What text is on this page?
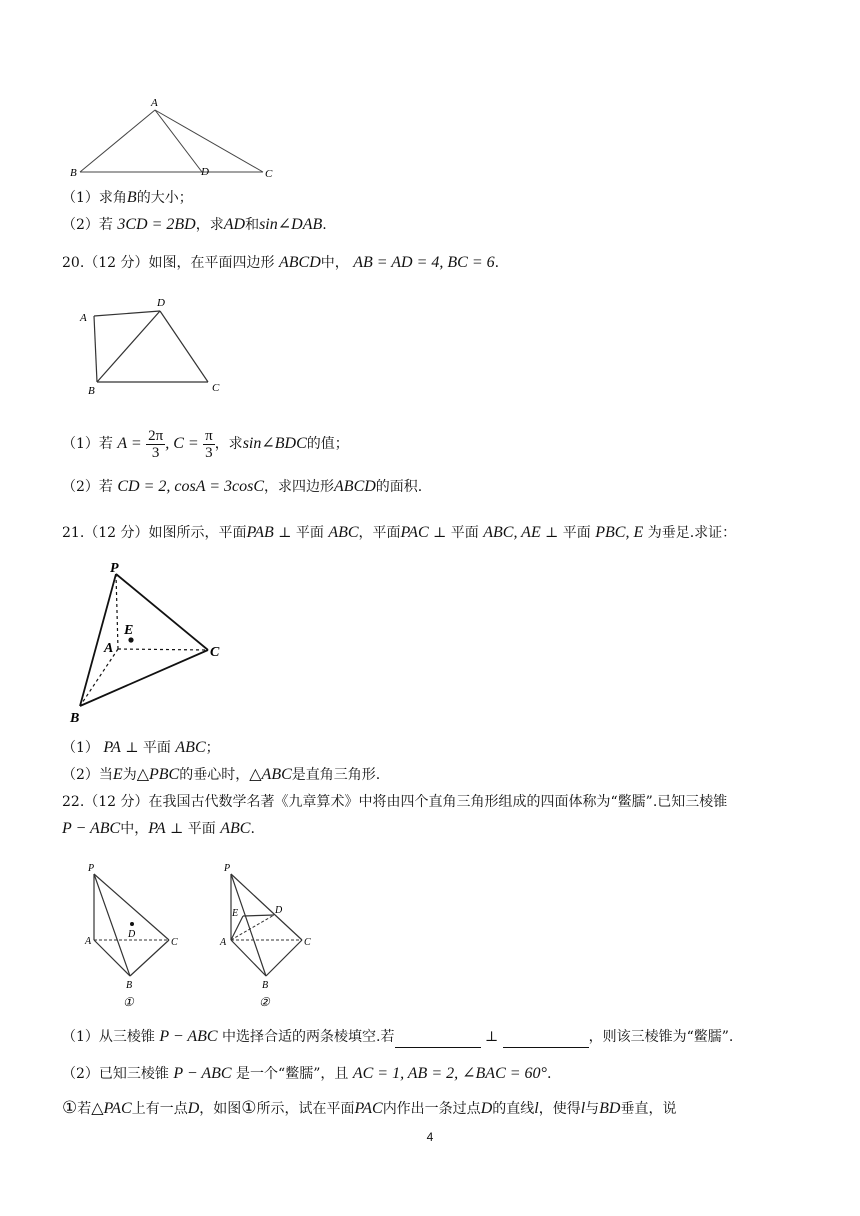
A
B	D	C
（1）求角B的大小；
（2）若 3CD = 2BD，求AD和sin∠DAB.
20.（12 分）如图，在平面四边形 ABCD中， AB = AD = 4, BC = 6.
A
D
B	C
（1）若 $A = \frac{2\pi}{3}$ , $C = \frac{\pi}{3}$ ，求sin∠BDC的值；
（2）若 CD = 2, cosA = 3cosC，求四边形ABCD的面积.
21.（12 分）如图所示，平面PAB ⊥ 平面 ABC，平面PAC ⊥ 平面 ABC, AE ⊥ 平面 PBC, E 为垂足.求证：
P
E
A	C
B
（1） PA ⊥ 平面 ABC；
（2）当E为△PBC的垂心时，△ABC是直角三角形.
22.（12 分）在我国古代数学名著《九章算术》中将由四个直角三角形组成的四面体称为“鳖臑”.已知三棱锥
P − ABC中，PA ⊥ 平面 ABC.
P
D
A	C
B
①
P
E	D
A	C
B
②
（1）从三棱锥 P − ABC 中选择合适的两条棱填空.若	⊥	，则该三棱锥为“鳖臑”.
（2）已知三棱锥 P − ABC 是一个“鳖臑”，且 AC = 1, AB = 2, ∠BAC = 60°.
①若△PAC上有一点D，如图①所示，试在平面PAC内作出一条过点D的直线l，使得l与BD垂直，说
4
